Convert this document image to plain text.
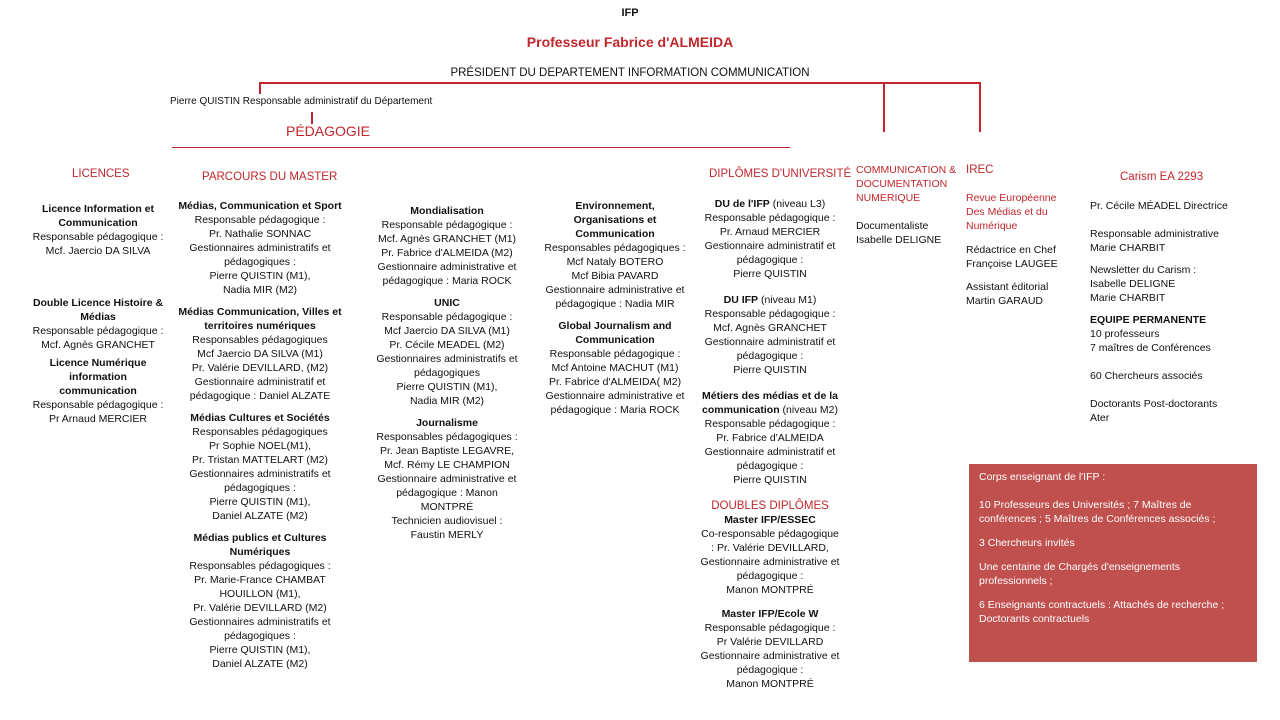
IFP
Professeur Fabrice d'ALMEIDA
PRÉSIDENT DU DEPARTEMENT INFORMATION COMMUNICATION
Pierre QUISTIN Responsable administratif du Département
PÉDAGOGIE
LICENCES

Licence Information et Communication

Responsable pédagogique :

Mcf. Jaercio DA SILVA

Double Licence Histoire & Médias

Responsable pédagogique :

Mcf. Agnès GRANCHET

Licence Numérique information communication

Responsable pédagogique :

Pr Arnaud MERCIER

PARCOURS DU MASTER

Médias, Communication et Sport

Responsable pédagogique :

Pr. Nathalie SONNAC

Gestionnaires administratifs et pédagogiques :

Pierre QUISTIN (M1),

Nadia MIR (M2)

Médias Communication, Villes et territoires numériques

Responsables pédagogiques

Mcf Jaercio DA SILVA (M1)

Pr. Valérie DEVILLARD, (M2)

Gestionnaire administratif et pédagogique : Daniel ALZATE

Médias Cultures et Sociétés

Responsables pédagogiques

Pr Sophie NOEL(M1),

Pr. Tristan MATTELART (M2)

Gestionnaires administratifs et pédagogiques :

Pierre QUISTIN (M1),

Daniel ALZATE (M2)

Médias publics et Cultures Numériques

Responsables pédagogiques :

Pr. Marie-France CHAMBAT HOUILLON (M1),

Pr. Valérie DEVILLARD (M2)

Gestionnaires administratifs et pédagogiques :

Pierre QUISTIN (M1),

Daniel ALZATE (M2)

Mondialisation

Responsable pédagogique :

Mcf. Agnès GRANCHET (M1)

Pr. Fabrice d'ALMEIDA (M2)

Gestionnaire administrative et pédagogique : Maria ROCK

UNIC

Responsable pédagogique :

Mcf Jaercio DA SILVA (M1)

Pr. Cécile MEADEL (M2)

Gestionnaires administratifs et pédagogiques

Pierre QUISTIN (M1),

Nadia MIR (M2)

Journalisme

Responsables pédagogiques :

Pr. Jean Baptiste LEGAVRE,

Mcf. Rémy LE CHAMPION

Gestionnaire administrative et pédagogique : Manon MONTPRÉ

Technicien audiovisuel :

Faustin MERLY

Environnement, Organisations et Communication

Responsables pédagogiques :

Mcf Nataly BOTERO

Mcf Bibia PAVARD

Gestionnaire administrative et pédagogique : Nadia MIR

Global Journalism and Communication

Responsable pédagogique :

Mcf Antoine MACHUT (M1)

Pr. Fabrice d'ALMEIDA( M2)

Gestionnaire administrative et pédagogique : Maria ROCK

DIPLÔMES D'UNIVERSITÉ

DU de l'IFP (niveau L3)

Responsable pédagogique :

Pr. Arnaud MERCIER

Gestionnaire administratif et pédagogique :

Pierre QUISTIN

DU IFP (niveau M1)

Responsable pédagogique :

Mcf. Agnès GRANCHET

Gestionnaire administratif et pédagogique :

Pierre QUISTIN

Métiers des médias et de la communication (niveau M2)

Responsable pédagogique :

Pr. Fabrice d'ALMEIDA

Gestionnaire administratif et pédagogique :

Pierre QUISTIN

DOUBLES DIPLÔMES

Master IFP/ESSEC

Co-responsable pédagogique : Pr. Valérie DEVILLARD,

Gestionnaire administrative et pédagogique :

Manon MONTPRÉ

Master IFP/Ecole W

Responsable pédagogique :

Pr Valérie DEVILLARD

Gestionnaire administrative et pédagogique :

Manon MONTPRÉ

COMMUNICATION & DOCUMENTATION NUMERIQUE

Documentaliste

Isabelle DELIGNE

IREC

Revue Européenne Des Médias et du Numérique

Rédactrice en Chef

Françoise LAUGEE

Assistant éditorial

Martin GARAUD

Carism EA 2293

Pr. Cécile MÉADEL Directrice

Responsable administrative

Marie CHARBIT

Newsletter du Carism :

Isabelle DELIGNE

Marie CHARBIT

EQUIPE PERMANENTE

10 professeurs

7 maîtres de Conférences

60 Chercheurs associés

Doctorants Post-doctorants

Ater

Corps enseignant de l'IFP :

10 Professeurs des Universités ; 7 Maîtres de conférences ; 5 Maîtres de Conférences associés ;

3 Chercheurs invités

Une centaine de Chargés d'enseignements professionnels ;

6 Enseignants contractuels : Attachés de recherche ; Doctorants contractuels
